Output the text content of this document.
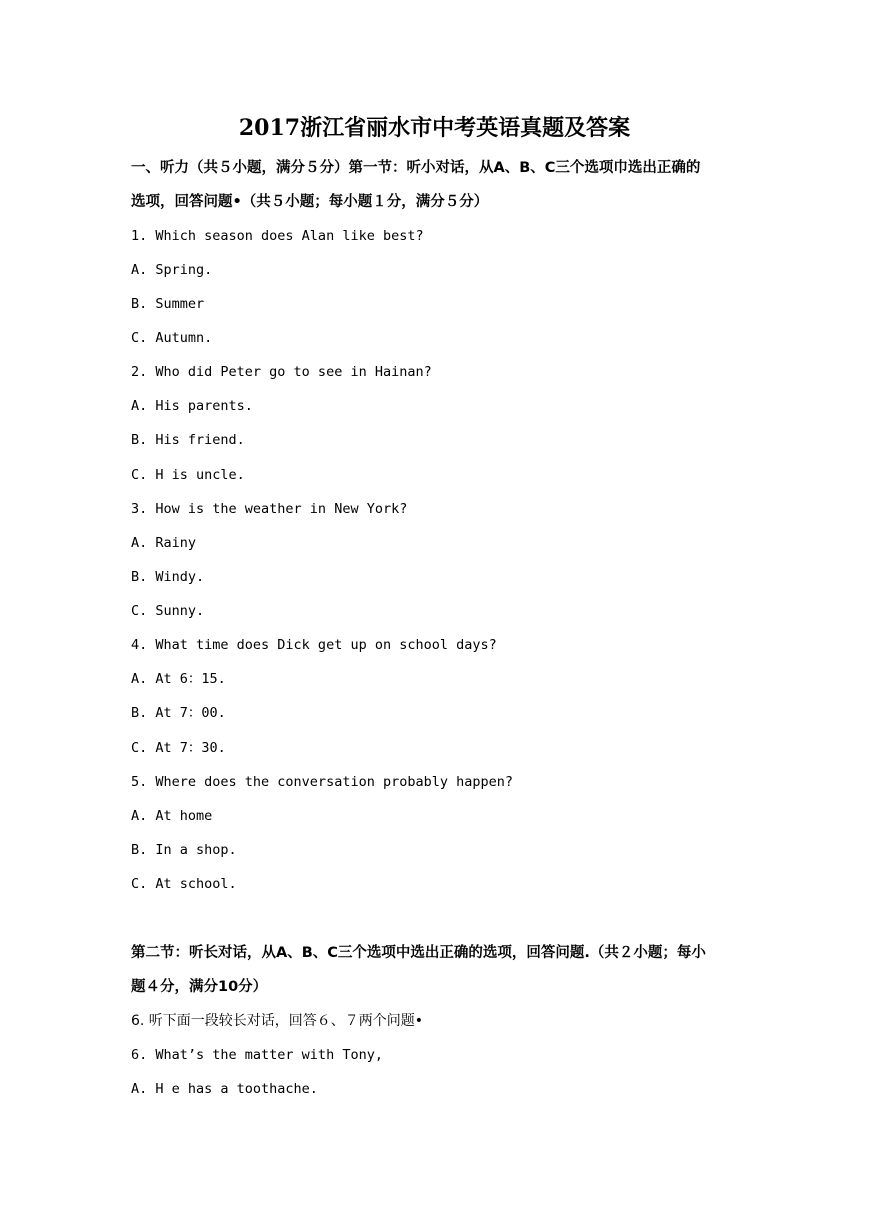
2017浙江省丽水市中考英语真题及答案
一、听力（共５小题，满分５分）第一节：听小对话，从A、B、C三个选项巾选出正确的
选项，回答问题•（共５小题；每小题１分，满分５分）
1. Which season does Alan like best?
A. Spring.
B. Summer
C. Autumn.
2. Who did Peter go to see in Hainan?
A. His parents.
B. His friend.
C. H is uncle.
3. How is the weather in New York?
A. Rainy
B. Windy.
C. Sunny.
4. What time does Dick get up on school days?
A. At 6：15.
B. At 7：00.
C. At 7：30.
5. Where does the conversation probably happen?
A. At home
B. In a shop.
C. At school.
第二节：听长对话，从A、B、C三个选项中选出正确的选项，回答问题.（共２小题；每小
题４分，满分10分）
6. 听下面一段较长对话，回答６、７两个问题•
6. What’s the matter with Tony,
A. H e has a toothache.
